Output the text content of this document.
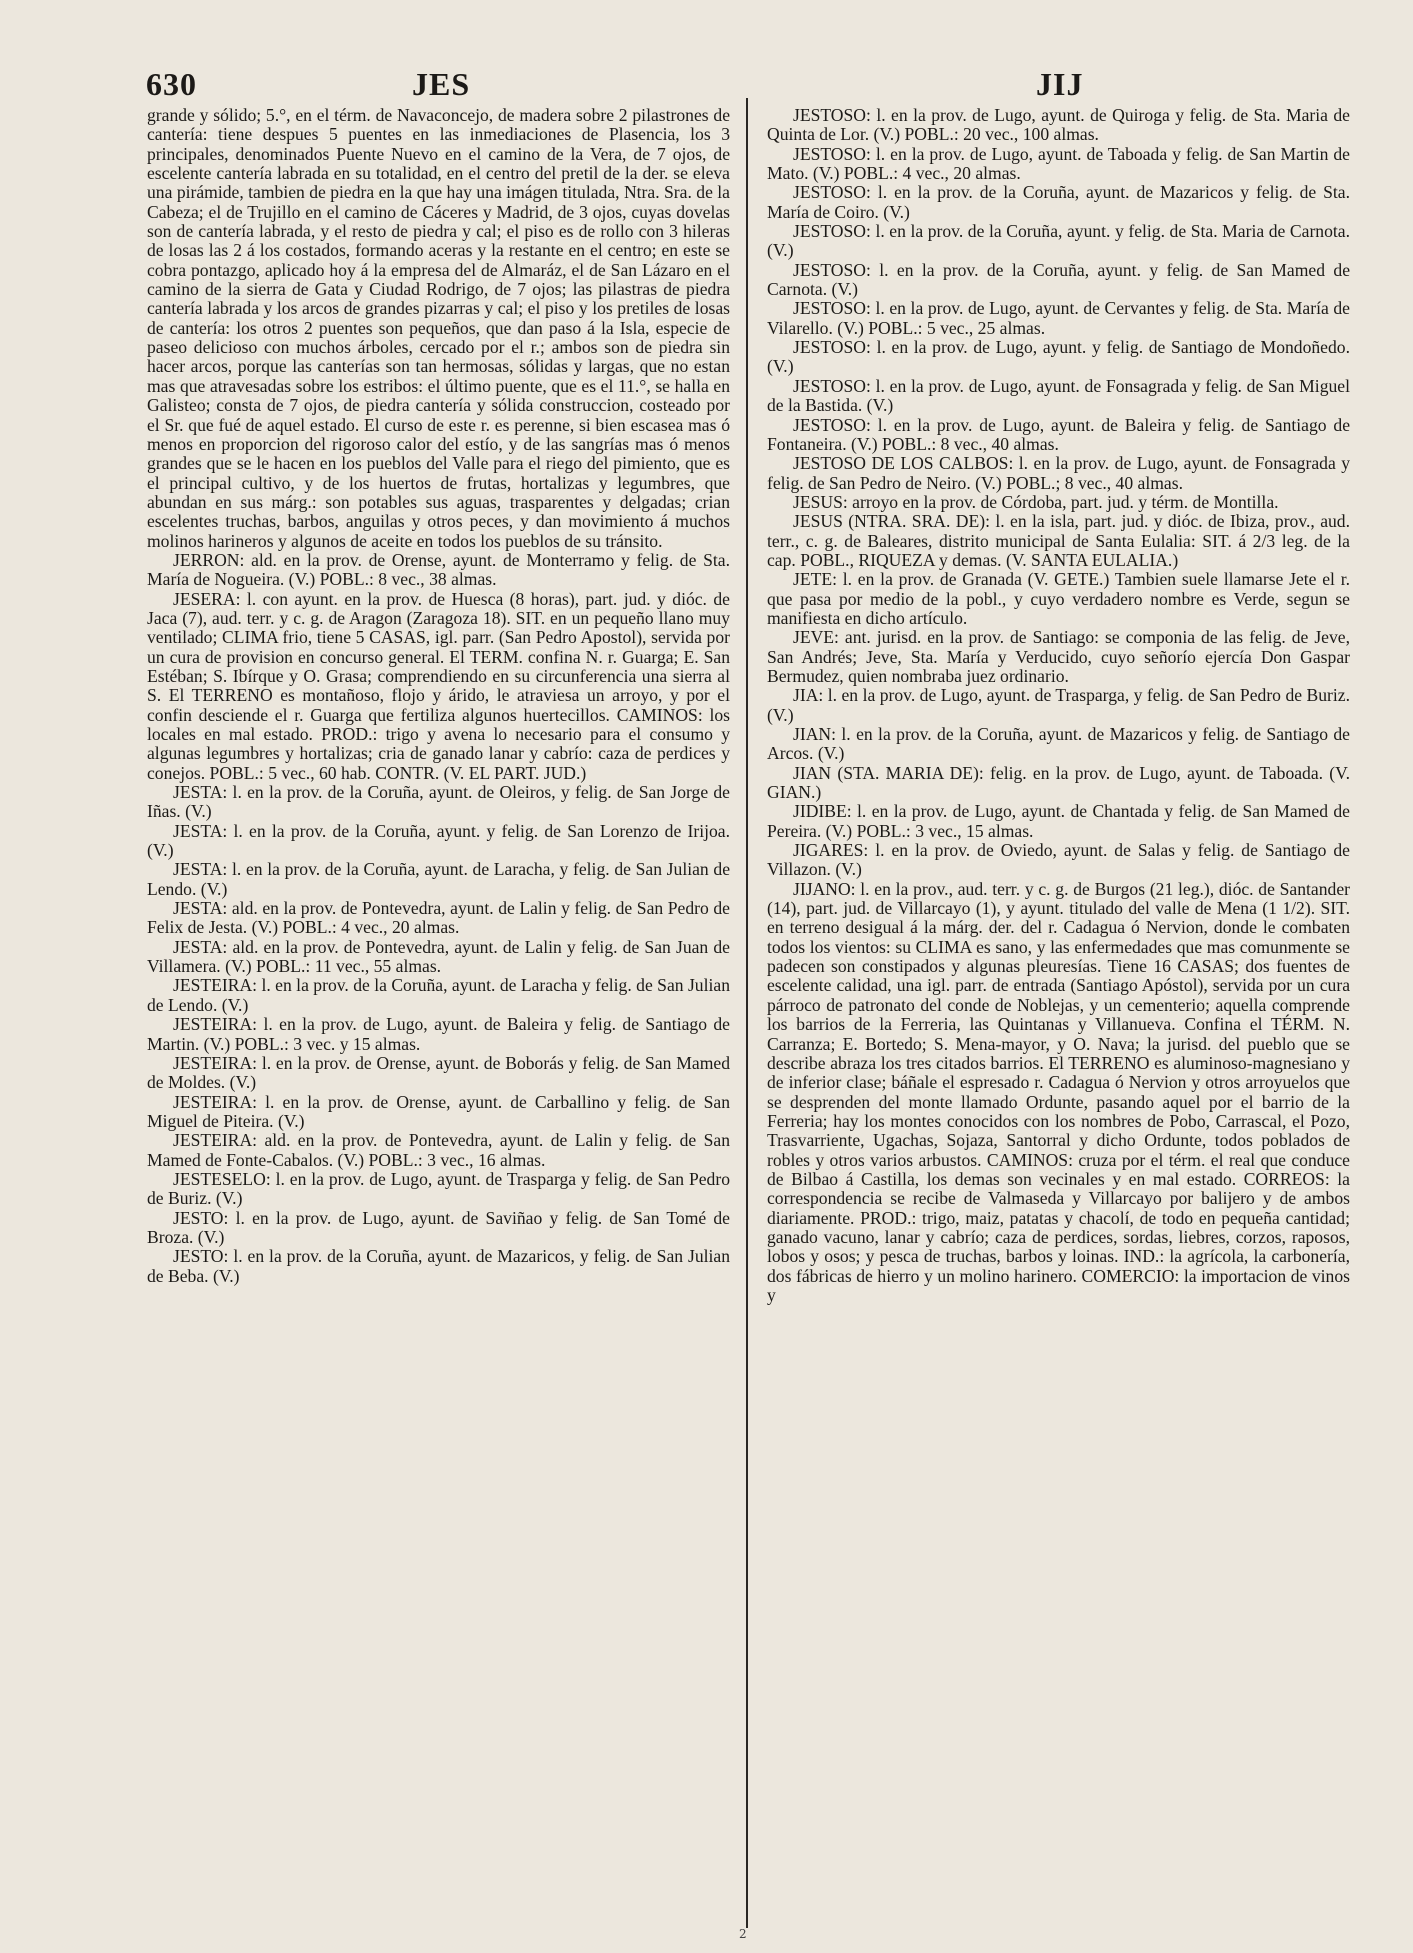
630	JES	JIJ

grande y sólido; 5.°, en el térm. de Navaconcejo, de madera sobre 2 pilastrones de cantería: tiene despues 5 puentes en las inmediaciones de Plasencia, los 3 principales, denominados Puente Nuevo en el camino de la Vera, de 7 ojos, de escelente cantería labrada en su totalidad, en el centro del pretil de la der. se eleva una pirámide, tambien de piedra en la que hay una imágen titulada, Ntra. Sra. de la Cabeza; el de Trujillo en el camino de Cáceres y Madrid, de 3 ojos, cuyas dovelas son de cantería labrada, y el resto de piedra y cal; el piso es de rollo con 3 hileras de losas las 2 á los costados, formando aceras y la restante en el centro; en este se cobra pontazgo, aplicado hoy á la empresa del de Almaráz, el de San Lázaro en el camino de la sierra de Gata y Ciudad Rodrigo, de 7 ojos; las pilastras de piedra cantería labrada y los arcos de grandes pizarras y cal; el piso y los pretiles de losas de cantería: los otros 2 puentes son pequeños, que dan paso á la Isla, especie de paseo delicioso con muchos árboles, cercado por el r.; ambos son de piedra sin hacer arcos, porque las canterías son tan hermosas, sólidas y largas, que no estan mas que atravesadas sobre los estribos: el último puente, que es el 11.°, se halla en Galisteo; consta de 7 ojos, de piedra cantería y sólida construccion, costeado por el Sr. que fué de aquel estado. El curso de este r. es perenne, si bien escasea mas ó menos en proporcion del rigoroso calor del estío, y de las sangrías mas ó menos grandes que se le hacen en los pueblos del Valle para el riego del pimiento, que es el principal cultivo, y de los huertos de frutas, hortalizas y legumbres, que abundan en sus márg.: son potables sus aguas, trasparentes y delgadas; crian escelentes truchas, barbos, anguilas y otros peces, y dan movimiento á muchos molinos harineros y algunos de aceite en todos los pueblos de su tránsito.

JERRON: ald. en la prov. de Orense, ayunt. de Monterramo y felig. de Sta. María de Nogueira. (V.) POBL.: 8 vec., 38 almas.

JESERA: l. con ayunt. en la prov. de Huesca (8 horas), part. jud. y dióc. de Jaca (7), aud. terr. y c. g. de Aragon (Zaragoza 18). SIT. en un pequeño llano muy ventilado; CLIMA frio, tiene 5 CASAS, igl. parr. (San Pedro Apostol), servida por un cura de provision en concurso general. El TERM. confina N. r. Guarga; E. San Estéban; S. Ibírque y O. Grasa; comprendiendo en su circunferencia una sierra al S. El TERRENO es montañoso, flojo y árido, le atraviesa un arroyo, y por el confin desciende el r. Guarga que fertiliza algunos huertecillos. CAMINOS: los locales en mal estado. PROD.: trigo y avena lo necesario para el consumo y algunas legumbres y hortalizas; cria de ganado lanar y cabrío: caza de perdices y conejos. POBL.: 5 vec., 60 hab. CONTR. (V. EL PART. JUD.)

JESTA: l. en la prov. de la Coruña, ayunt. de Oleiros, y felig. de San Jorge de Iñas. (V.)

JESTA: l. en la prov. de la Coruña, ayunt. y felig. de San Lorenzo de Irijoa. (V.)

JESTA: l. en la prov. de la Coruña, ayunt. de Laracha, y felig. de San Julian de Lendo. (V.)

JESTA: ald. en la prov. de Pontevedra, ayunt. de Lalin y felig. de San Pedro de Felix de Jesta. (V.) POBL.: 4 vec., 20 almas.

JESTA: ald. en la prov. de Pontevedra, ayunt. de Lalin y felig. de San Juan de Villamera. (V.) POBL.: 11 vec., 55 almas.

JESTEIRA: l. en la prov. de la Coruña, ayunt. de Laracha y felig. de San Julian de Lendo. (V.)

JESTEIRA: l. en la prov. de Lugo, ayunt. de Baleira y felig. de Santiago de Martin. (V.) POBL.: 3 vec. y 15 almas.

JESTEIRA: l. en la prov. de Orense, ayunt. de Boborás y felig. de San Mamed de Moldes. (V.)

JESTEIRA: l. en la prov. de Orense, ayunt. de Carballino y felig. de San Miguel de Piteira. (V.)

JESTEIRA: ald. en la prov. de Pontevedra, ayunt. de Lalin y felig. de San Mamed de Fonte-Cabalos. (V.) POBL.: 3 vec., 16 almas.

JESTESELO: l. en la prov. de Lugo, ayunt. de Trasparga y felig. de San Pedro de Buriz. (V.)

JESTO: l. en la prov. de Lugo, ayunt. de Saviñao y felig. de San Tomé de Broza. (V.)

JESTO: l. en la prov. de la Coruña, ayunt. de Mazaricos, y felig. de San Julian de Beba. (V.)

JESTOSO: l. en la prov. de Lugo, ayunt. de Quiroga y felig. de Sta. Maria de Quinta de Lor. (V.) POBL.: 20 vec., 100 almas.

JESTOSO: l. en la prov. de Lugo, ayunt. de Taboada y felig. de San Martin de Mato. (V.) POBL.: 4 vec., 20 almas.

JESTOSO: l. en la prov. de la Coruña, ayunt. de Mazaricos y felig. de Sta. María de Coiro. (V.)

JESTOSO: l. en la prov. de la Coruña, ayunt. y felig. de Sta. Maria de Carnota. (V.)

JESTOSO: l. en la prov. de la Coruña, ayunt. y felig. de San Mamed de Carnota. (V.)

JESTOSO: l. en la prov. de Lugo, ayunt. de Cervantes y felig. de Sta. María de Vilarello. (V.) POBL.: 5 vec., 25 almas.

JESTOSO: l. en la prov. de Lugo, ayunt. y felig. de Santiago de Mondoñedo. (V.)

JESTOSO: l. en la prov. de Lugo, ayunt. de Fonsagrada y felig. de San Miguel de la Bastida. (V.)

JESTOSO: l. en la prov. de Lugo, ayunt. de Baleira y felig. de Santiago de Fontaneira. (V.) POBL.: 8 vec., 40 almas.

JESTOSO DE LOS CALBOS: l. en la prov. de Lugo, ayunt. de Fonsagrada y felig. de San Pedro de Neiro. (V.) POBL.; 8 vec., 40 almas.

JESUS: arroyo en la prov. de Córdoba, part. jud. y térm. de Montilla.

JESUS (NTRA. SRA. DE): l. en la isla, part. jud. y dióc. de Ibiza, prov., aud. terr., c. g. de Baleares, distrito municipal de Santa Eulalia: SIT. á 2/3 leg. de la cap. POBL., RIQUEZA y demas. (V. SANTA EULALIA.)

JETE: l. en la prov. de Granada (V. GETE.) Tambien suele llamarse Jete el r. que pasa por medio de la pobl., y cuyo verdadero nombre es Verde, segun se manifiesta en dicho artículo.

JEVE: ant. jurisd. en la prov. de Santiago: se componia de las felig. de Jeve, San Andrés; Jeve, Sta. María y Verducido, cuyo señorío ejercía Don Gaspar Bermudez, quien nombraba juez ordinario.

JIA: l. en la prov. de Lugo, ayunt. de Trasparga, y felig. de San Pedro de Buriz. (V.)

JIAN: l. en la prov. de la Coruña, ayunt. de Mazaricos y felig. de Santiago de Arcos. (V.)

JIAN (STA. MARIA DE): felig. en la prov. de Lugo, ayunt. de Taboada. (V. GIAN.)

JIDIBE: l. en la prov. de Lugo, ayunt. de Chantada y felig. de San Mamed de Pereira. (V.) POBL.: 3 vec., 15 almas.

JIGARES: l. en la prov. de Oviedo, ayunt. de Salas y felig. de Santiago de Villazon. (V.)

JIJANO: l. en la prov., aud. terr. y c. g. de Burgos (21 leg.), dióc. de Santander (14), part. jud. de Villarcayo (1), y ayunt. titulado del valle de Mena (1 1/2). SIT. en terreno desigual á la márg. der. del r. Cadagua ó Nervion, donde le combaten todos los vientos: su CLIMA es sano, y las enfermedades que mas comunmente se padecen son constipados y algunas pleuresías. Tiene 16 CASAS; dos fuentes de escelente calidad, una igl. parr. de entrada (Santiago Apóstol), servida por un cura párroco de patronato del conde de Noblejas, y un cementerio; aquella comprende los barrios de la Ferreria, las Quintanas y Villanueva. Confina el TÉRM. N. Carranza; E. Bortedo; S. Mena-mayor, y O. Nava; la jurisd. del pueblo que se describe abraza los tres citados barrios. El TERRENO es aluminoso-magnesiano y de inferior clase; báñale el espresado r. Cadagua ó Nervion y otros arroyuelos que se desprenden del monte llamado Ordunte, pasando aquel por el barrio de la Ferreria; hay los montes conocidos con los nombres de Pobo, Carrascal, el Pozo, Trasvarriente, Ugachas, Sojaza, Santorral y dicho Ordunte, todos poblados de robles y otros varios arbustos. CAMINOS: cruza por el térm. el real que conduce de Bilbao á Castilla, los demas son vecinales y en mal estado. CORREOS: la correspondencia se recibe de Valmaseda y Villarcayo por balijero y de ambos diariamente. PROD.: trigo, maiz, patatas y chacolí, de todo en pequeña cantidad; ganado vacuno, lanar y cabrío; caza de perdices, sordas, liebres, corzos, raposos, lobos y osos; y pesca de truchas, barbos y loinas. IND.: la agrícola, la carbonería, dos fábricas de hierro y un molino harinero. COMERCIO: la importacion de vinos y

2
